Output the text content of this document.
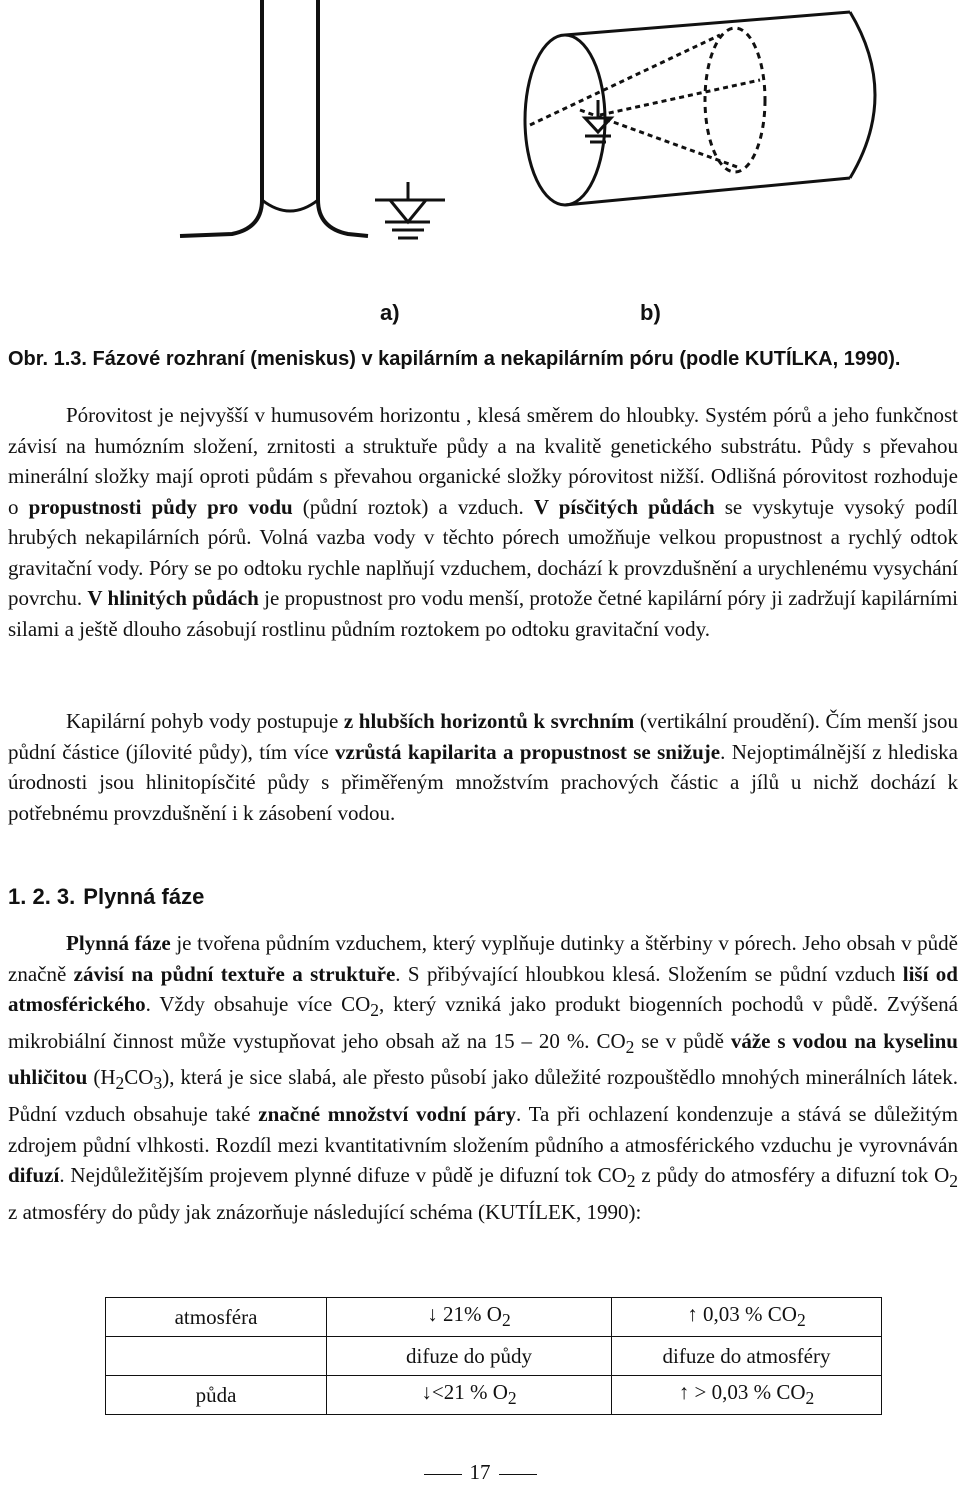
a)	b)
Obr. 1.3. Fázové rozhraní (meniskus) v kapilárním a nekapilárním póru (podle KUTÍLKA, 1990).

Pórovitost je nejvyšší v humusovém horizontu , klesá směrem do hloubky. Systém pórů a jeho funkčnost závisí na humózním složení, zrnitosti a struktuře půdy a na kvalitě genetického substrátu. Půdy s převahou minerální složky mají oproti půdám s převahou organické složky pórovitost nižší. Odlišná pórovitost rozhoduje o propustnosti půdy pro vodu (půdní roztok) a vzduch. V písčitých půdách se vyskytuje vysoký podíl hrubých nekapilárních pórů. Volná vazba vody v těchto pórech umožňuje velkou propustnost a rychlý odtok gravitační vody. Póry se po odtoku rychle naplňují vzduchem, dochází k provzdušnění a urychlenému vysychání povrchu. V hlinitých půdách je propustnost pro vodu menší, protože četné kapilární póry ji zadržují kapilárními silami a ještě dlouho zásobují rostlinu půdním roztokem po odtoku gravitační vody.

Kapilární pohyb vody postupuje z hlubších horizontů k svrchním (vertikální proudění). Čím menší jsou půdní částice (jílovité půdy), tím více vzrůstá kapilarita a propustnost se snižuje. Nejoptimálnější z hlediska úrodnosti jsou hlinitopísčité půdy s přiměřeným množstvím prachových částic a jílů u nichž dochází k potřebnému provzdušnění i k zásobení vodou.

1. 2. 3. Plynná fáze

Plynná fáze je tvořena půdním vzduchem, který vyplňuje dutinky a štěrbiny v pórech. Jeho obsah v půdě značně závisí na půdní textuře a struktuře. S přibývající hloubkou klesá. Složením se půdní vzduch liší od atmosférického. Vždy obsahuje více $CO_2$, který vzniká jako produkt biogenních pochodů v půdě. Zvýšená mikrobiální činnost může vystupňovat jeho obsah až na 15 – 20 %. $CO_2$ se v půdě váže s vodou na kyselinu uhličitou $(H_2CO_3)$, která je sice slabá, ale přesto působí jako důležité rozpouštědlo mnohých minerálních látek. Půdní vzduch obsahuje také značné množství vodní páry. Ta při ochlazení kondenzuje a stává se důležitým zdrojem půdní vlhkosti. Rozdíl mezi kvantitativním složením půdního a atmosférického vzduchu je vyrovnáván difuzí. Nejdůležitějším projevem plynné difuze v půdě je difuzní tok $CO_2$ z půdy do atmosféry a difuzní tok $O_2$ z atmosféry do půdy jak znázorňuje následující schéma (KUTÍLEK, 1990):

atmosféra	↓ 21% $O_2$	↑ 0,03 % $CO_2$
	difuze do půdy	difuze do atmosféry
půda	↓<21 % $O_2$	↑ > 0,03 % $CO_2$
17
